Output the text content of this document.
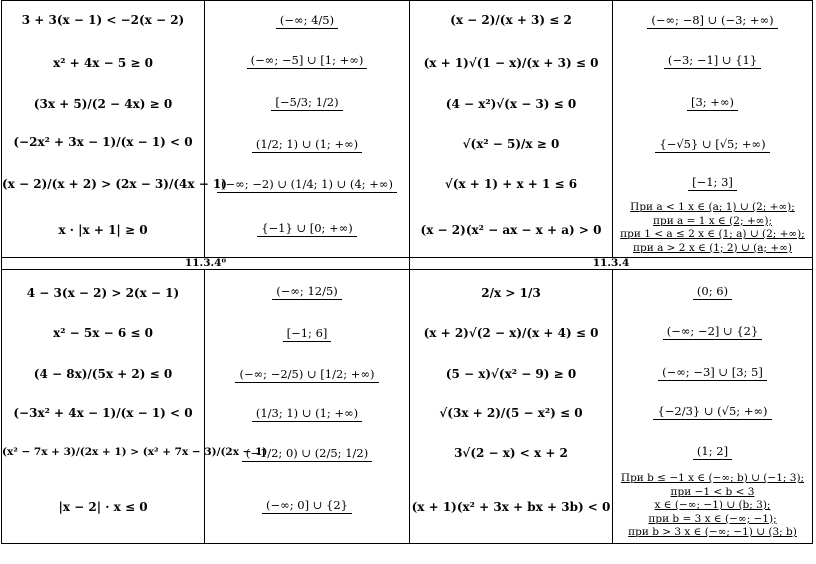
3 + 3(x − 1) < −2(x − 2)
x² + 4x − 5 ≥ 0
(3x + 5)/(2 − 4x) ≥ 0
(−2x² + 3x − 1)/(x − 1) < 0
(x − 2)/(x + 2) > (2x − 3)/(4x − 1)
x · |x + 1| ≥ 0
(−∞; 4/5)
(−∞; −5] ∪ [1; +∞)
[−5/3; 1/2)
(1/2; 1) ∪ (1; +∞)
(−∞; −2) ∪ (1/4; 1) ∪ (4; +∞)
{−1} ∪ [0; +∞)
(x − 2)/(x + 3) ≤ 2
(x + 1)√(1 − x)/(x + 3) ≤ 0
(4 − x²)√(x − 3) ≤ 0
√(x² − 5)/x ≥ 0
√(x + 1) + x + 1 ≤ 6
(x − 2)(x² − ax − x + a) > 0
(−∞; −8] ∪ (−3; +∞)
(−3; −1] ∪ {1}
[3; +∞)
{−√5} ∪ [√5; +∞)
[−1; 3]
При a < 1 x ∈ (a; 1) ∪ (2; +∞);
при a = 1 x ∈ (2; +∞);
при 1 < a ≤ 2 x ∈ (1; a) ∪ (2; +∞);
при a > 2 x ∈ (1; 2) ∪ (a; +∞)
11.3.4⁰	11.3.4
4 − 3(x − 2) > 2(x − 1)
x² − 5x − 6 ≤ 0
(4 − 8x)/(5x + 2) ≤ 0
(−3x² + 4x − 1)/(x − 1) < 0
(x² − 7x + 3)/(2x + 1) > (x² + 7x − 3)/(2x − 1)
|x − 2| · x ≤ 0
(−∞; 12/5)
[−1; 6]
(−∞; −2/5) ∪ [1/2; +∞)
(1/3; 1) ∪ (1; +∞)
(−1/2; 0) ∪ (2/5; 1/2)
(−∞; 0] ∪ {2}
2/x > 1/3
(x + 2)√(2 − x)/(x + 4) ≤ 0
(5 − x)√(x² − 9) ≥ 0
√(3x + 2)/(5 − x²) ≤ 0
3√(2 − x) < x + 2
(x + 1)(x² + 3x + bx + 3b) < 0
(0; 6)
(−∞; −2] ∪ {2}
(−∞; −3] ∪ [3; 5]
{−2/3} ∪ (√5; +∞)
(1; 2]
При b ≤ −1 x ∈ (−∞; b) ∪ (−1; 3);
при −1 < b < 3
x ∈ (−∞; −1) ∪ (b; 3);
при b = 3 x ∈ (−∞; −1);
при b > 3 x ∈ (−∞; −1) ∪ (3; b)
